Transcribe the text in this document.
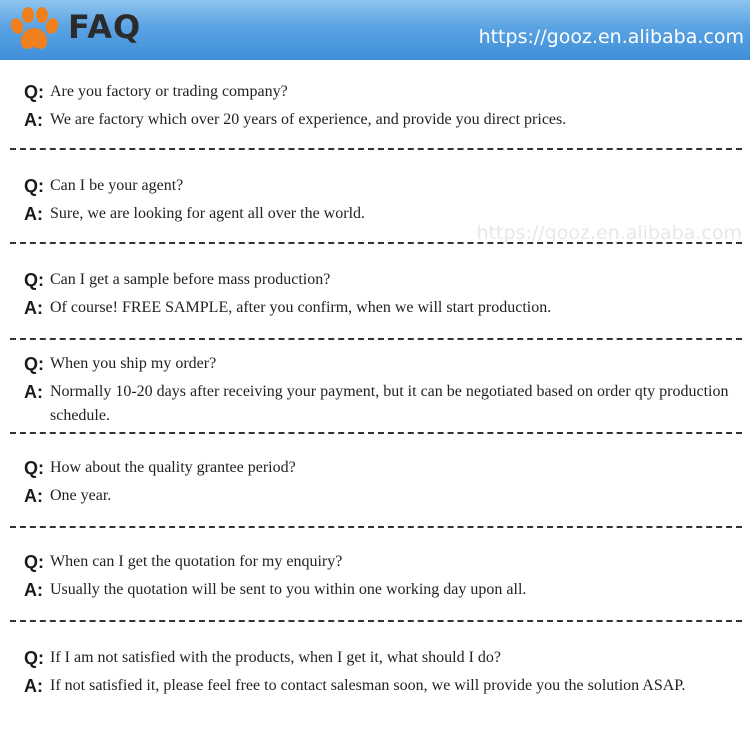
FAQ	https://gooz.en.alibaba.com
https://gooz.en.alibaba.com
Q: Are you factory or trading company?
A: We are factory which over 20 years of experience, and provide you direct prices.
Q: Can I be your agent?
A: Sure, we are looking for agent all over the world.
Q: Can I get a sample before mass production?
A: Of course! FREE SAMPLE, after you confirm, when we will start production.
Q: When you ship my order?
A: Normally 10-20 days after receiving your payment, but it can be negotiated based on order qty production schedule.
Q: How about the quality grantee period?
A: One year.
Q: When can I get the quotation for my enquiry?
A: Usually the quotation will be sent to you within one working day upon all.
Q: If I am not satisfied with the products, when I get it, what should I do?
A: If not satisfied it, please feel free to contact salesman soon, we will provide you the solution ASAP.
